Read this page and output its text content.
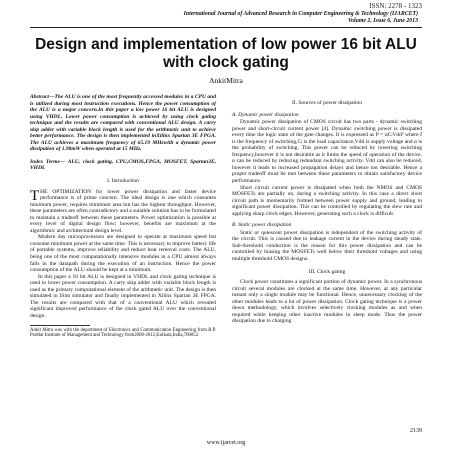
ISSN: 2278 - 1323
International Journal of Advanced Research in Computer Engineering & Technology (IJARCET)
Volume 2, Issue 6, June 2013
Design and implementation of low power 16 bit ALU with clock gating
AnkitMitra

Abstract—The ALU is one of the most frequently accessed modules in a CPU and is utilized during most instruction executions. Hence the power consumption of the ALU is a major concern.In this paper a low power 16 bit ALU is designed using VHDL. Lower power consumption is achieved by using clock gating technique and the results are compared with conventional ALU design. A carry skip adder with variable block length is used for the arithmetic unit to achieve better performance. The design is then implemented inXilinx Spartan 3E FPGA. The ALU achieves a maximum frequency of 65.19 MHzwith a dynamic power dissipation of 1.98mW when operated at 15 MHz.

Index Terms— ALU, clock gating, CPU,CMOS,FPGA, MOSFET, Spartan3E, VHDL

I. Introduction

THE OPTIMIZATION for lower power dissipation and faster device performance is of prime concern. The ideal design is one which consumes minimum power, requires minimum area but has the highest throughput. However, these parameters are often contradictory and a suitable solution has to be formulated to maintain a tradeoff between these parameters. Power optimization is possible at every level of digital design flow; however, benefits are maximum at the algorithmic and architectural design level.

Modern day microprocessors are designed to operate at maximum speed but consume minimum power at the same time. This is necessary to improve battery life of portable systems, improve reliability and reduce heat removal costs. The ALU, being one of the most computationally intensive modules in a CPU almost always falls in the datapath during the execution of an instruction. Hence the power consumption of the ALU should be kept at a minimum.

In this paper a 16 bit ALU is designed in VHDL and clock gating technique is used to lower power consumption. A carry skip adder with variable block length is used as the primary computational element of the arithmetic unit. The design is then simulated in ISim simulator and finally implemented in Xilinx Spartan 3E FPGA. The results are compared with that of a conventional ALU which revealed significant improved performance of the clock gated ALU over the conventional design.

Ankit Mitra was with the department of Electronics and Communication Engineering from B.P. Poddar Institute of Management and Technology from2008-2012,Kolkata,India,700052.

II. Sources of power dissipation

A. Dynamic power dissipation

Dynamic power dissipation of CMOS circuit has two parts - dynamic switching power and short-circuit current power [4]. Dynamic switching power is dissipated every time the logic state of the gate changes. It is expressed as P = αCₗVdd² where f is the frequency of switching,Cₗ is the load capacitance,Vdd is supply voltage and α is the probability of switching. This power can be reduced by lowering switching frequency,however it is not desirable as it limits the speed of operation of the device. α can be reduced by reducing redundant switching activity. Vdd can also be reduced, however it leads to increased propagation delays and hence not desirable. Hence a proper tradeoff must be met between these parameters to obtain satisfactory device performance.

Short circuit current power is dissipated when both the NMOS and CMOS MOSFETs are partially on, during a switching activity. In this case a direct short circuit path is momentarily formed between power supply and ground, leading to significant power dissipation. This can be controlled by regulating the slew rate and applying sharp clock edges. However, generating such a clock is difficult.

B. Static power dissipation

Static or quiescent power dissipation is independent of the switching activity of the circuit. This is caused due to leakage current in the device during steady state. Sub-threshold conduction is the reason for this power dissipation and can be controlled by biasing the MOSFETs well below their threshold voltages and using multiple threshold CMOS designs.

III. Clock gating

Clock power constitutes a significant portion of dynamic power. In a synchronous circuit several modules are clocked at the same time. However, at any particular instant only a single module may be functional. Hence, unnecessary clocking of the other modules leads to a lot of power dissipation. Clock gating technique is a power down methodology, which involves selectively clocking modules as and when required while keeping other inactive modules in sleep mode. Thus the power dissipation due to charging

2139
www.ijarcet.org
